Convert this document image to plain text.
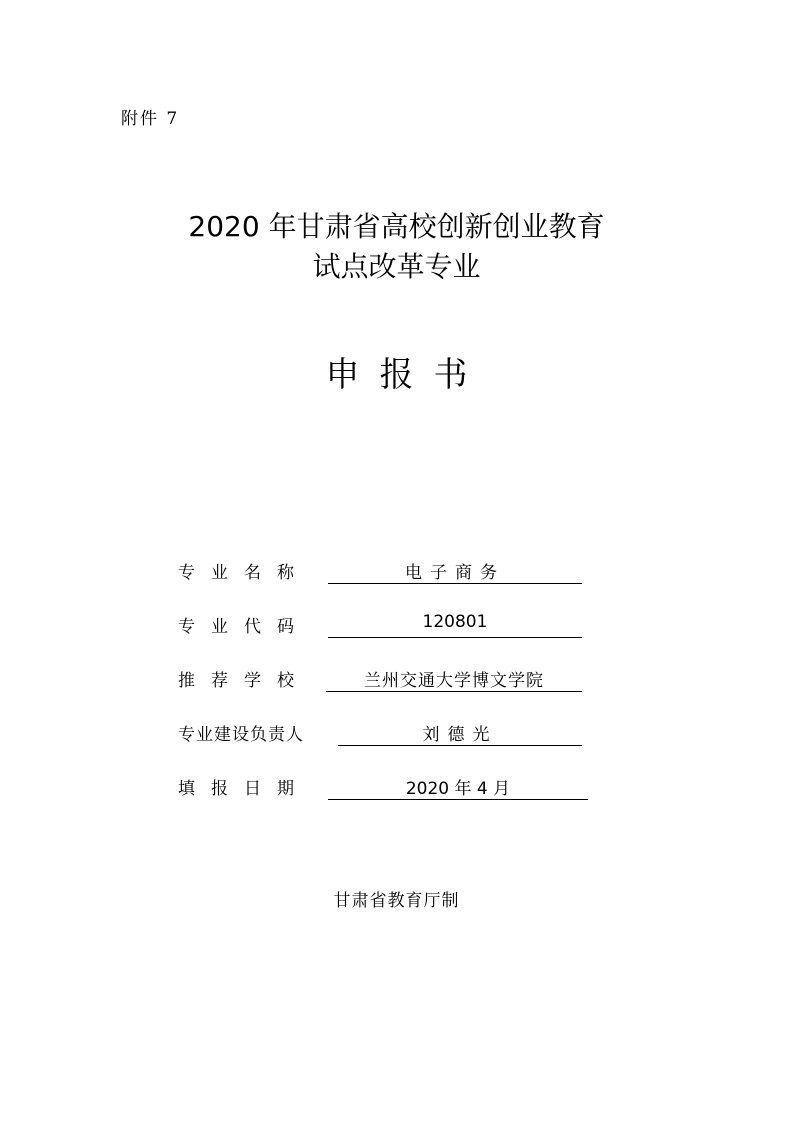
附件 7
2020 年甘肃省高校创新创业教育
试点改革专业
申报书
专业名称	电子商务
专业代码	120801
推荐学校	兰州交通大学博文学院
专业建设负责人	刘德光
填报日期	2020 年 4 月
甘肃省教育厅制
